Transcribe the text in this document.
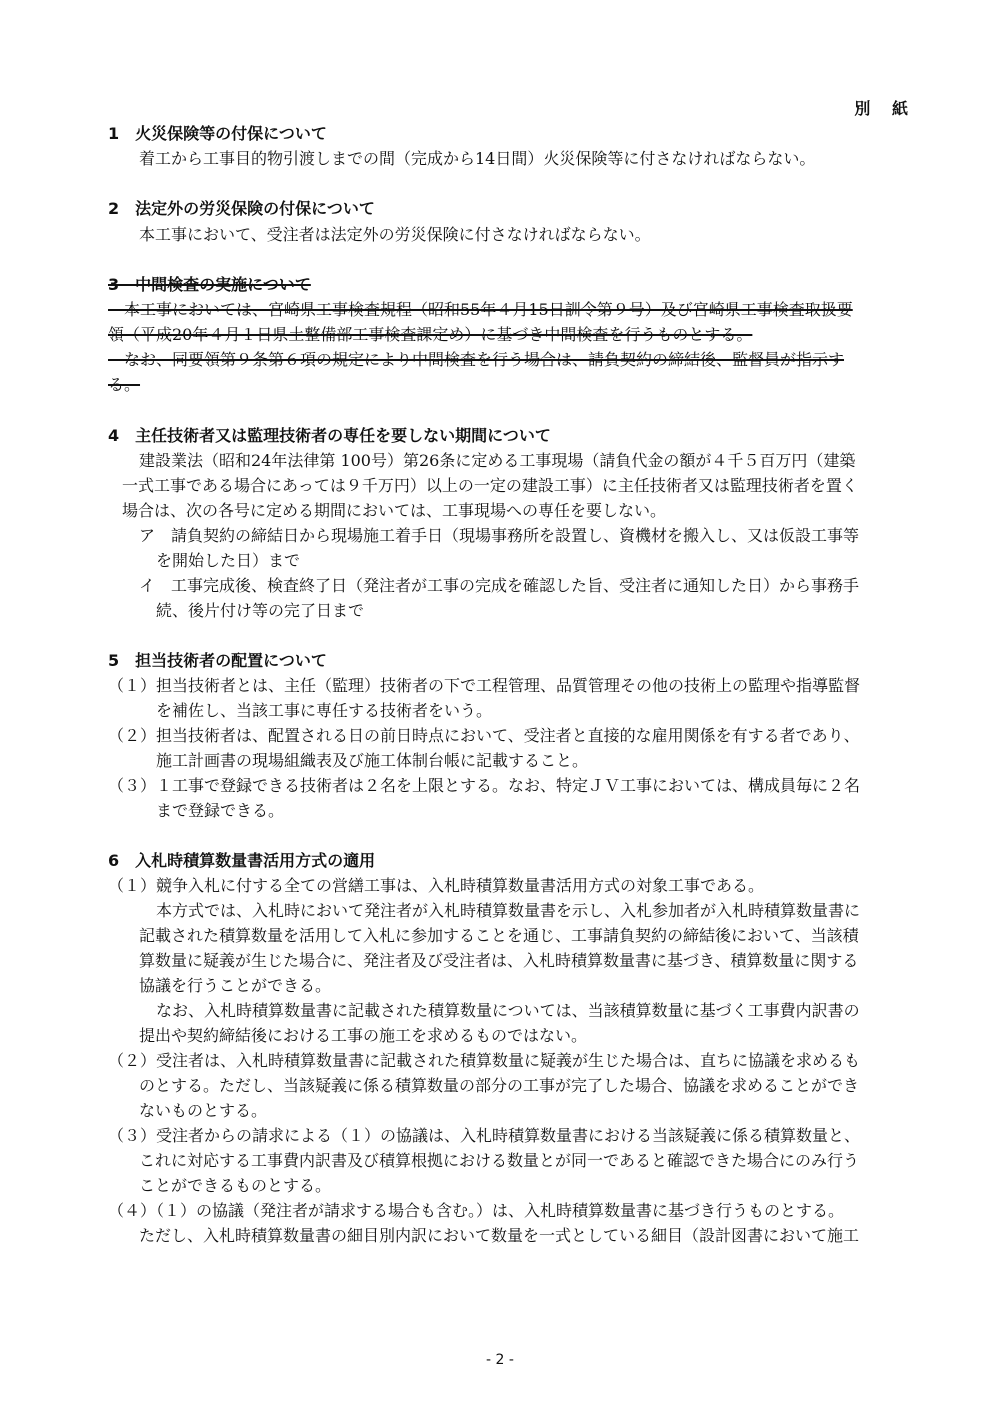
別 紙
1　火災保険等の付保について
着工から工事目的物引渡しまでの間（完成から14日間）火災保険等に付さなければならない。
2　法定外の労災保険の付保について
本工事において、受注者は法定外の労災保険に付さなければならない。
3　中間検査の実施について
　本工事においては、宮崎県工事検査規程（昭和55年４月15日訓令第９号）及び宮崎県工事検査取扱要
領（平成20年４月１日県土整備部工事検査課定め）に基づき中間検査を行うものとする。
　なお、同要領第９条第６項の規定により中間検査を行う場合は、請負契約の締結後、監督員が指示す
る。
4　主任技術者又は監理技術者の専任を要しない期間について
建設業法（昭和24年法律第 100号）第26条に定める工事現場（請負代金の額が４千５百万円（建築
一式工事である場合にあっては９千万円）以上の一定の建設工事）に主任技術者又は監理技術者を置く
場合は、次の各号に定める期間においては、工事現場への専任を要しない。
ア　請負契約の締結日から現場施工着手日（現場事務所を設置し、資機材を搬入し、又は仮設工事等
を開始した日）まで
イ　工事完成後、検査終了日（発注者が工事の完成を確認した旨、受注者に通知した日）から事務手
続、後片付け等の完了日まで
5　担当技術者の配置について
（１）担当技術者とは、主任（監理）技術者の下で工程管理、品質管理その他の技術上の監理や指導監督
を補佐し、当該工事に専任する技術者をいう。
（２）担当技術者は、配置される日の前日時点において、受注者と直接的な雇用関係を有する者であり、
施工計画書の現場組織表及び施工体制台帳に記載すること。
（３）１工事で登録できる技術者は２名を上限とする。なお、特定ＪＶ工事においては、構成員毎に２名
まで登録できる。
6　入札時積算数量書活用方式の適用
（１）競争入札に付する全ての営繕工事は、入札時積算数量書活用方式の対象工事である。
本方式では、入札時において発注者が入札時積算数量書を示し、入札参加者が入札時積算数量書に
記載された積算数量を活用して入札に参加することを通じ、工事請負契約の締結後において、当該積
算数量に疑義が生じた場合に、発注者及び受注者は、入札時積算数量書に基づき、積算数量に関する
協議を行うことができる。
なお、入札時積算数量書に記載された積算数量については、当該積算数量に基づく工事費内訳書の
提出や契約締結後における工事の施工を求めるものではない。
（２）受注者は、入札時積算数量書に記載された積算数量に疑義が生じた場合は、直ちに協議を求めるも
のとする。ただし、当該疑義に係る積算数量の部分の工事が完了した場合、協議を求めることができ
ないものとする。
（３）受注者からの請求による（１）の協議は、入札時積算数量書における当該疑義に係る積算数量と、
これに対応する工事費内訳書及び積算根拠における数量とが同一であると確認できた場合にのみ行う
ことができるものとする。
（４）（１）の協議（発注者が請求する場合も含む。）は、入札時積算数量書に基づき行うものとする。
ただし、入札時積算数量書の細目別内訳において数量を一式としている細目（設計図書において施工
- 2 -
